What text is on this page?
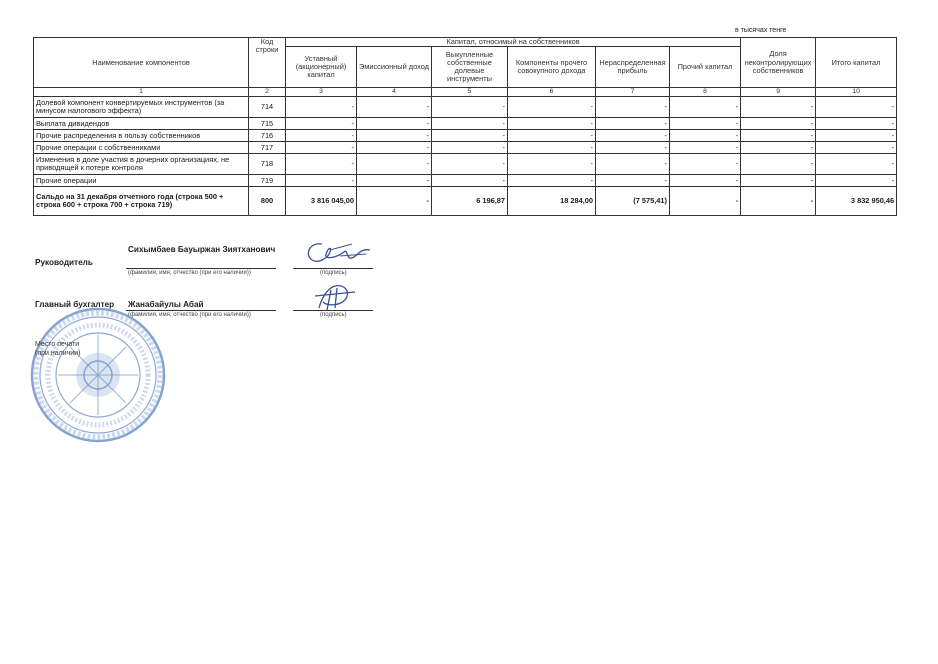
в тысячах тенге
Наименование компонентов	Код строки	Капитал, относимый на собственников						Доля неконтролирующих собственников	Итого капитал
		Уставный (акционерный) капитал	Эмиссионный доход	Выкупленные собственные долевые инструменты	Компоненты прочего совокупного дохода	Нераспределенная прибыль	Прочий капитал		
1	2	3	4	5	6	7	8	9	10
Долевой компонент конвертируемых инструментов (за минусом налогового эффекта)	714	-	-	-	-	-	-	-	-
Выплата дивидендов	715	-	-	-	-	-	-	-	-
Прочие распределения в пользу собственников	716	-	-	-	-	-	-	-	-
Прочие операции с собственниками	717	-	-	-	-	-	-	-	-
Изменения в доле участия в дочерних организациях, не приводящей к потере контроля	718	-	-	-	-	-	-	-	-
Прочие операции	719	-	-	-	-	-	-	-	-
Сальдо на 31 декабря отчетного года (строка 500 + строка 600 + строка 700 + строка 719)	800	3 816 045,00	-	6 196,87	18 284,00	(7 575,41)	-	-	3 832 950,46
Руководитель
Сихымбаев Бауыржан Зиятханович
(фамилия, имя, отчество (при его наличии))	(подпись)
Главный бухгалтер Жанабайулы Абай
(фамилия, имя, отчество (при его наличии))	(подпись)
Место печати
(при наличии)
